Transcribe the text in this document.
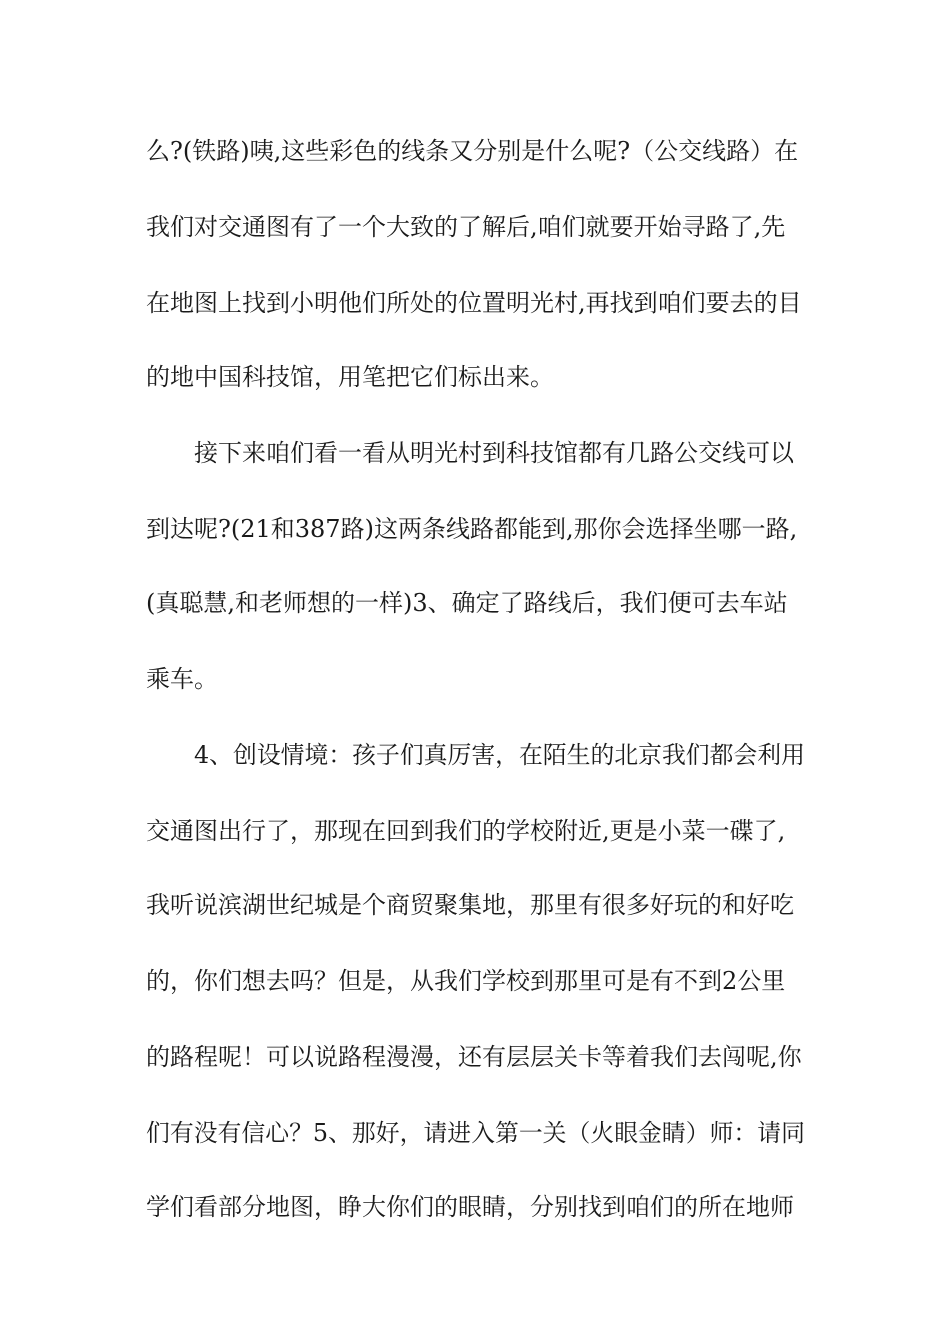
么?(铁路)咦,这些彩色的线条又分别是什么呢?（公交线路）在
我们对交通图有了一个大致的了解后,咱们就要开始寻路了,先
在地图上找到小明他们所处的位置明光村,再找到咱们要去的目
的地中国科技馆，用笔把它们标出来。
接下来咱们看一看从明光村到科技馆都有几路公交线可以
到达呢?(21和387路)这两条线路都能到,那你会选择坐哪一路,
(真聪慧,和老师想的一样)3、确定了路线后，我们便可去车站
乘车。
4、创设情境：孩子们真厉害，在陌生的北京我们都会利用
交通图出行了，那现在回到我们的学校附近,更是小菜一碟了,
我听说滨湖世纪城是个商贸聚集地，那里有很多好玩的和好吃
的，你们想去吗？但是，从我们学校到那里可是有不到2公里
的路程呢！可以说路程漫漫，还有层层关卡等着我们去闯呢,你
们有没有信心？5、那好，请进入第一关（火眼金睛）师：请同
学们看部分地图，睁大你们的眼睛，分别找到咱们的所在地师
